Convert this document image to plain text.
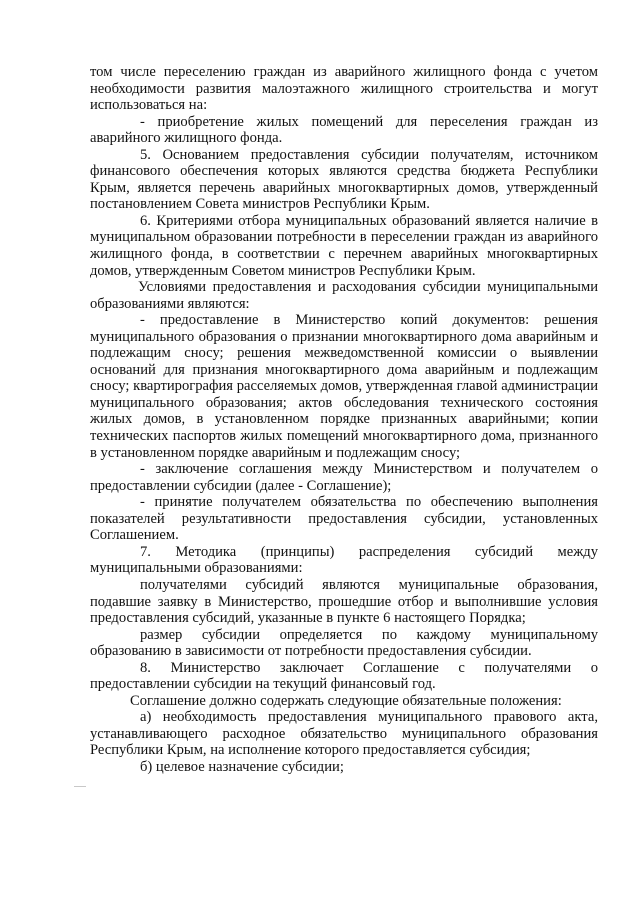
том числе переселению граждан из аварийного жилищного фонда с учетом необходимости развития малоэтажного жилищного строительства и могут использоваться на:

- приобретение жилых помещений для переселения граждан из аварийного жилищного фонда.

5. Основанием предоставления субсидии получателям, источником финансового обеспечения которых являются средства бюджета Республики Крым, является перечень аварийных многоквартирных домов, утвержденный постановлением Совета министров Республики Крым.

6. Критериями отбора муниципальных образований является наличие в муниципальном образовании потребности в переселении граждан из аварийного жилищного фонда, в соответствии с перечнем аварийных многоквартирных домов, утвержденным Советом министров Республики Крым.

Условиями предоставления и расходования субсидии муниципальными образованиями являются:

- предоставление в Министерство копий документов: решения муниципального образования о признании многоквартирного дома аварийным и подлежащим сносу; решения межведомственной комиссии о выявлении оснований для признания многоквартирного дома аварийным и подлежащим сносу; квартирография расселяемых домов, утвержденная главой администрации муниципального образования; актов обследования технического состояния жилых домов, в установленном порядке признанных аварийными; копии технических паспортов жилых помещений многоквартирного дома, признанного в установленном порядке аварийным и подлежащим сносу;

- заключение соглашения между Министерством и получателем о предоставлении субсидии (далее - Соглашение);

- принятие получателем обязательства по обеспечению выполнения показателей результативности предоставления субсидии, установленных Соглашением.

7. Методика (принципы) распределения субсидий между муниципальными образованиями:

получателями субсидий являются муниципальные образования, подавшие заявку в Министерство, прошедшие отбор и выполнившие условия предоставления субсидий, указанные в пункте 6 настоящего Порядка;

размер субсидии определяется по каждому муниципальному образованию в зависимости от потребности предоставления субсидии.

8. Министерство заключает Соглашение с получателями о предоставлении субсидии на текущий финансовый год.

Соглашение должно содержать следующие обязательные положения:

а) необходимость предоставления муниципального правового акта, устанавливающего расходное обязательство муниципального образования Республики Крым, на исполнение которого предоставляется субсидия;

б) целевое назначение субсидии;
